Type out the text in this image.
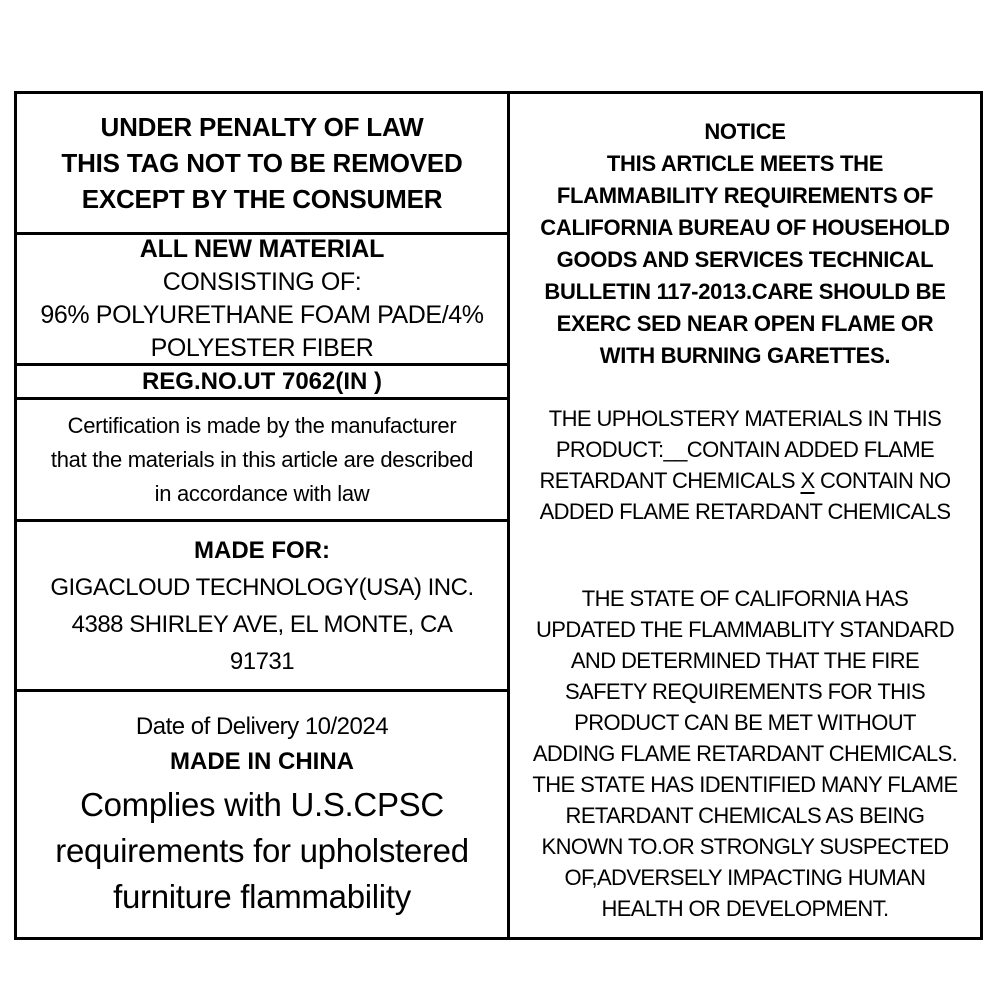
UNDER PENALTY OF LAW
THIS TAG NOT TO BE REMOVED
EXCEPT BY THE CONSUMER
ALL NEW MATERIAL
CONSISTING OF:
96% POLYURETHANE FOAM PADE/4%
POLYESTER FIBER
REG.NO.UT 7062(IN )
Certification is made by the manufacturer
that the materials in this article are described
in accordance with law
MADE FOR:
GIGACLOUD TECHNOLOGY(USA) INC.
4388 SHIRLEY AVE, EL MONTE, CA
91731
Date of Delivery 10/2024
MADE IN CHINA
Complies with U.S.CPSC
requirements for upholstered
furniture flammability
NOTICE
THIS ARTICLE MEETS THE
FLAMMABILITY REQUIREMENTS OF
CALIFORNIA BUREAU OF HOUSEHOLD
GOODS AND SERVICES TECHNICAL
BULLETIN 117-2013.CARE SHOULD BE
EXERC SED NEAR OPEN FLAME OR
WITH BURNING GARETTES.
THE UPHOLSTERY MATERIALS IN THIS
PRODUCT:__CONTAIN ADDED FLAME
RETARDANT CHEMICALS X CONTAIN NO
ADDED FLAME RETARDANT CHEMICALS
THE STATE OF CALIFORNIA HAS
UPDATED THE FLAMMABLITY STANDARD
AND DETERMINED THAT THE FIRE
SAFETY REQUIREMENTS FOR THIS
PRODUCT CAN BE MET WITHOUT
ADDING FLAME RETARDANT CHEMICALS.
THE STATE HAS IDENTIFIED MANY FLAME
RETARDANT CHEMICALS AS BEING
KNOWN TO.OR STRONGLY SUSPECTED
OF,ADVERSELY IMPACTING HUMAN
HEALTH OR DEVELOPMENT.
